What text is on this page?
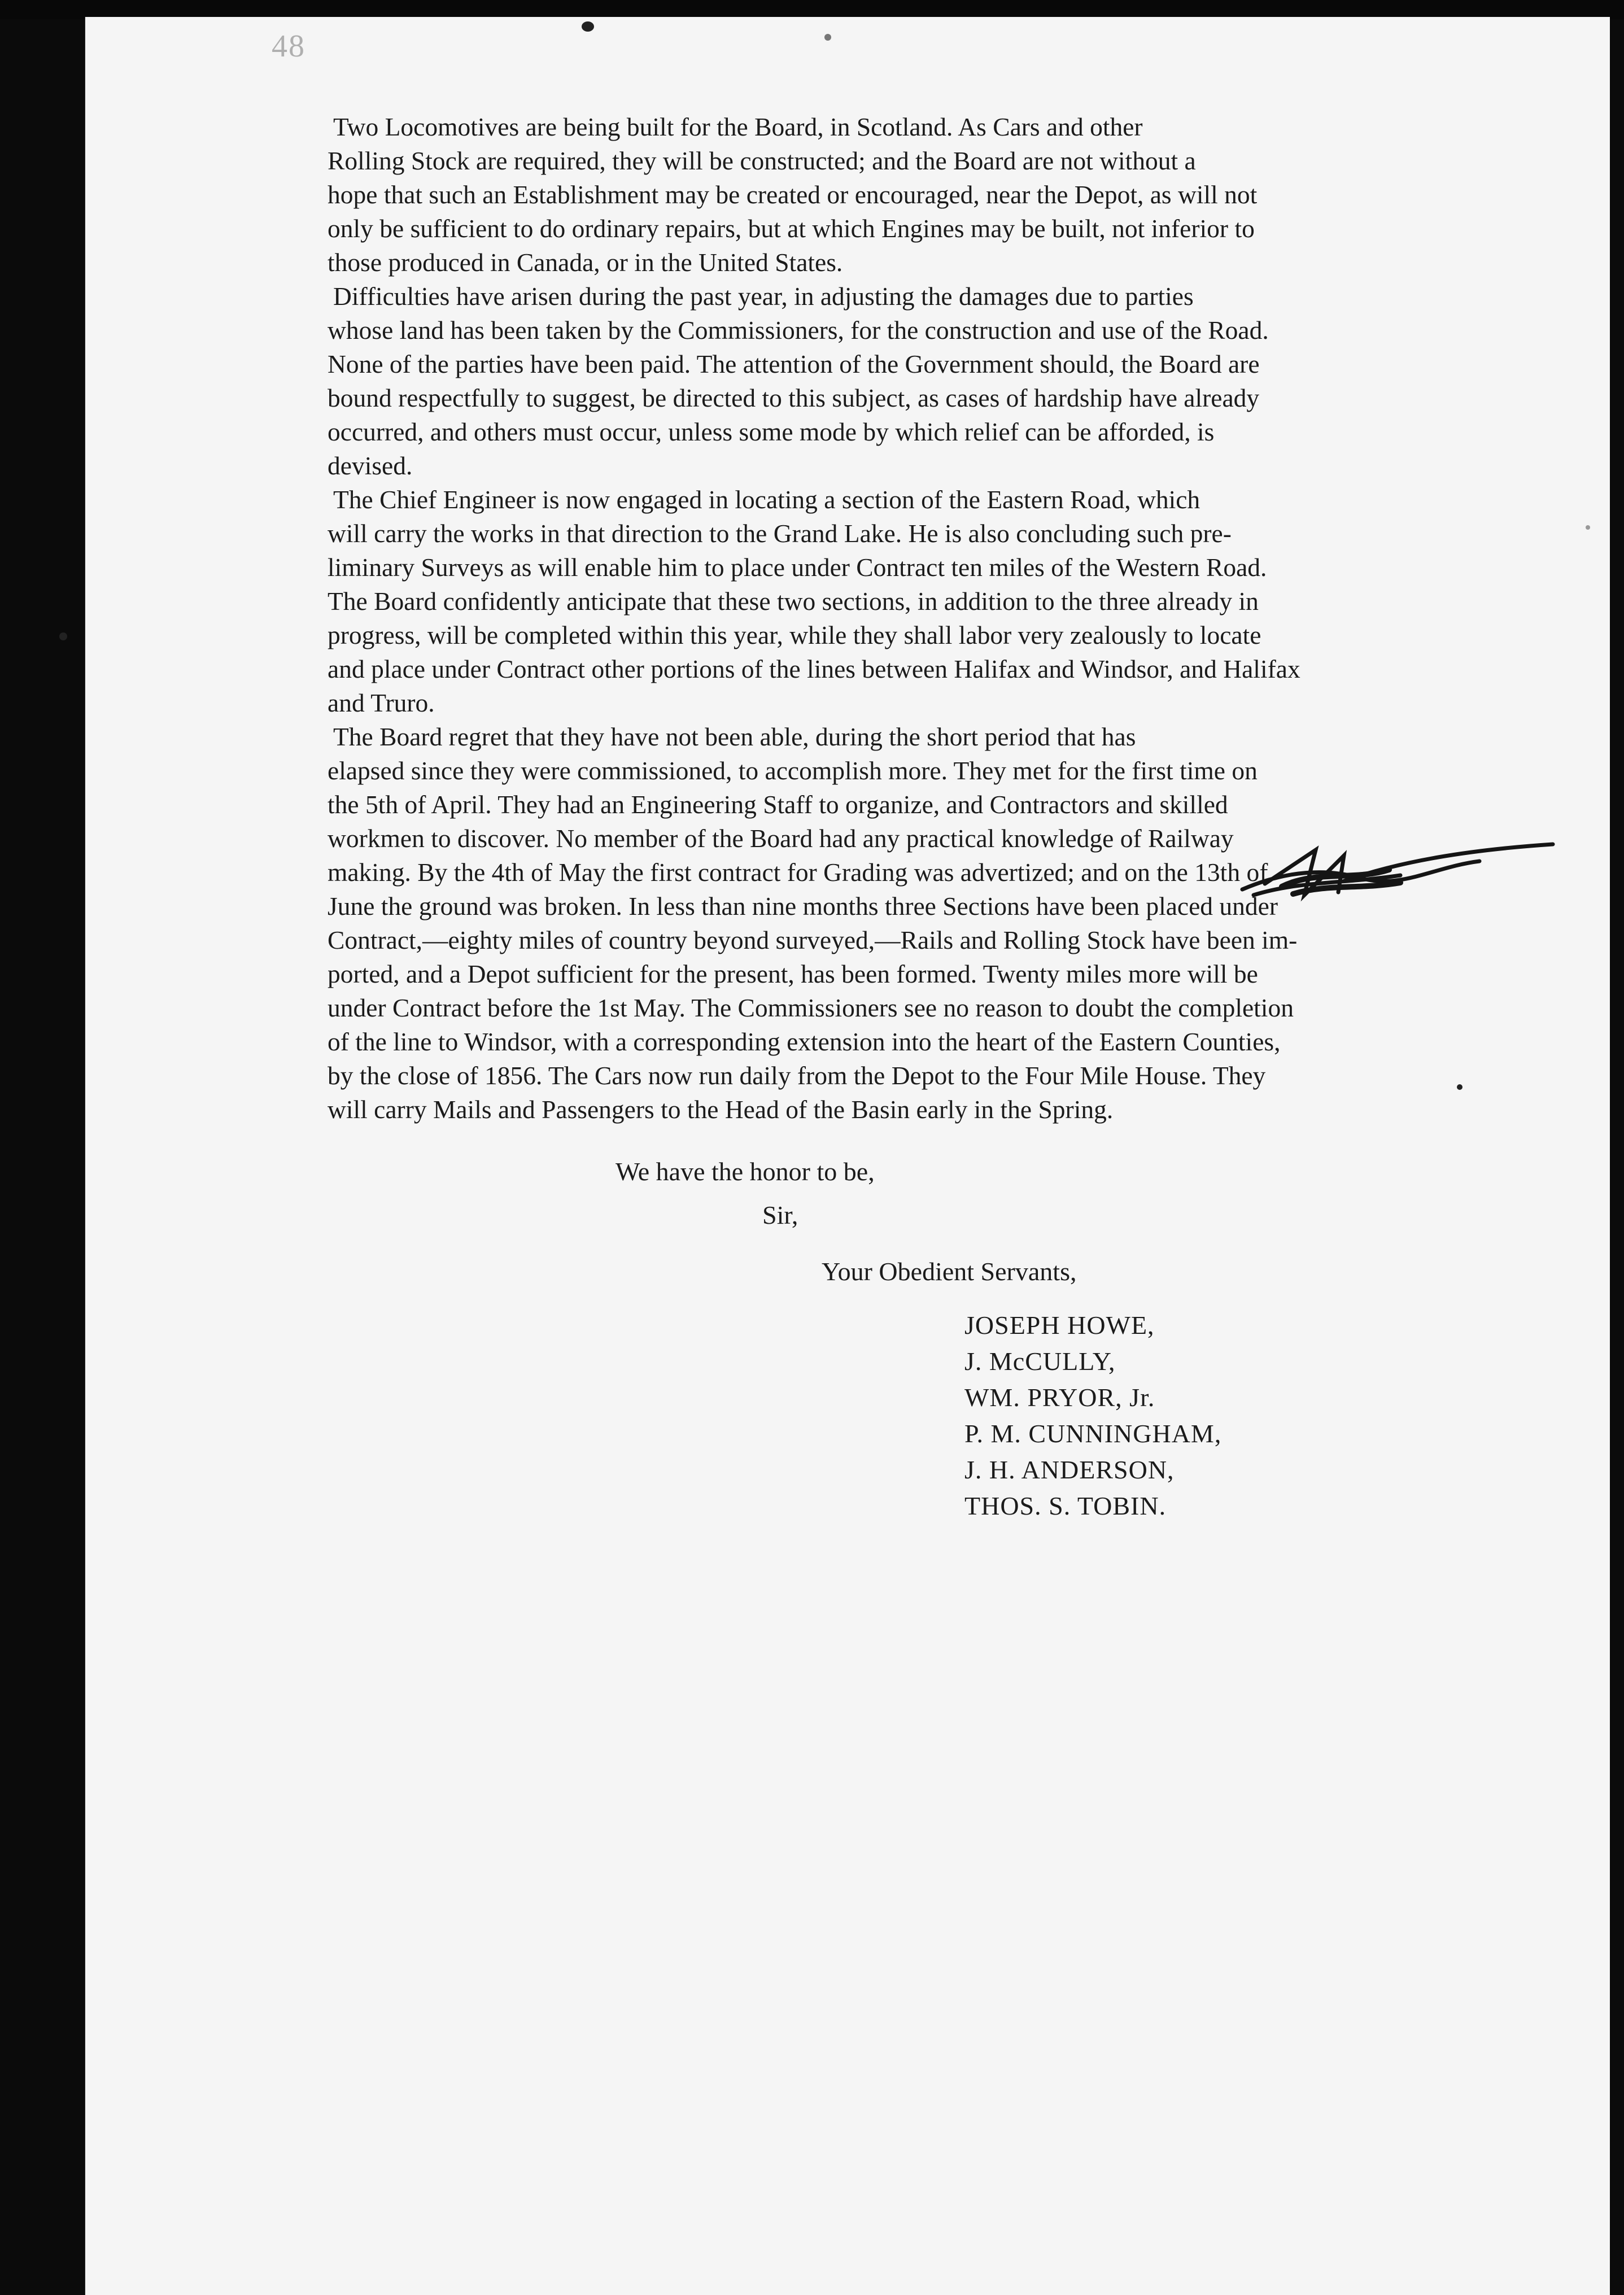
48
Two Locomotives are being built for the Board, in Scotland. As Cars and other
Rolling Stock are required, they will be constructed; and the Board are not without a
hope that such an Establishment may be created or encouraged, near the Depot, as will not
only be sufficient to do ordinary repairs, but at which Engines may be built, not inferior to
those produced in Canada, or in the United States.
Difficulties have arisen during the past year, in adjusting the damages due to parties
whose land has been taken by the Commissioners, for the construction and use of the Road.
None of the parties have been paid. The attention of the Government should, the Board are
bound respectfully to suggest, be directed to this subject, as cases of hardship have already
occurred, and others must occur, unless some mode by which relief can be afforded, is
devised.
The Chief Engineer is now engaged in locating a section of the Eastern Road, which
will carry the works in that direction to the Grand Lake. He is also concluding such pre-
liminary Surveys as will enable him to place under Contract ten miles of the Western Road.
The Board confidently anticipate that these two sections, in addition to the three already in
progress, will be completed within this year, while they shall labor very zealously to locate
and place under Contract other portions of the lines between Halifax and Windsor, and Halifax
and Truro.
The Board regret that they have not been able, during the short period that has
elapsed since they were commissioned, to accomplish more. They met for the first time on
the 5th of April. They had an Engineering Staff to organize, and Contractors and skilled
workmen to discover. No member of the Board had any practical knowledge of Railway
making. By the 4th of May the first contract for Grading was advertized; and on the 13th of
June the ground was broken. In less than nine months three Sections have been placed under
Contract,—eighty miles of country beyond surveyed,—Rails and Rolling Stock have been im-
ported, and a Depot sufficient for the present, has been formed. Twenty miles more will be
under Contract before the 1st May. The Commissioners see no reason to doubt the completion
of the line to Windsor, with a corresponding extension into the heart of the Eastern Counties,
by the close of 1856. The Cars now run daily from the Depot to the Four Mile House. They
will carry Mails and Passengers to the Head of the Basin early in the Spring.
We have the honor to be,
Sir,
Your Obedient Servants,
JOSEPH HOWE,
J. McCULLY,
WM. PRYOR, Jr.
P. M. CUNNINGHAM,
J. H. ANDERSON,
THOS. S. TOBIN.
